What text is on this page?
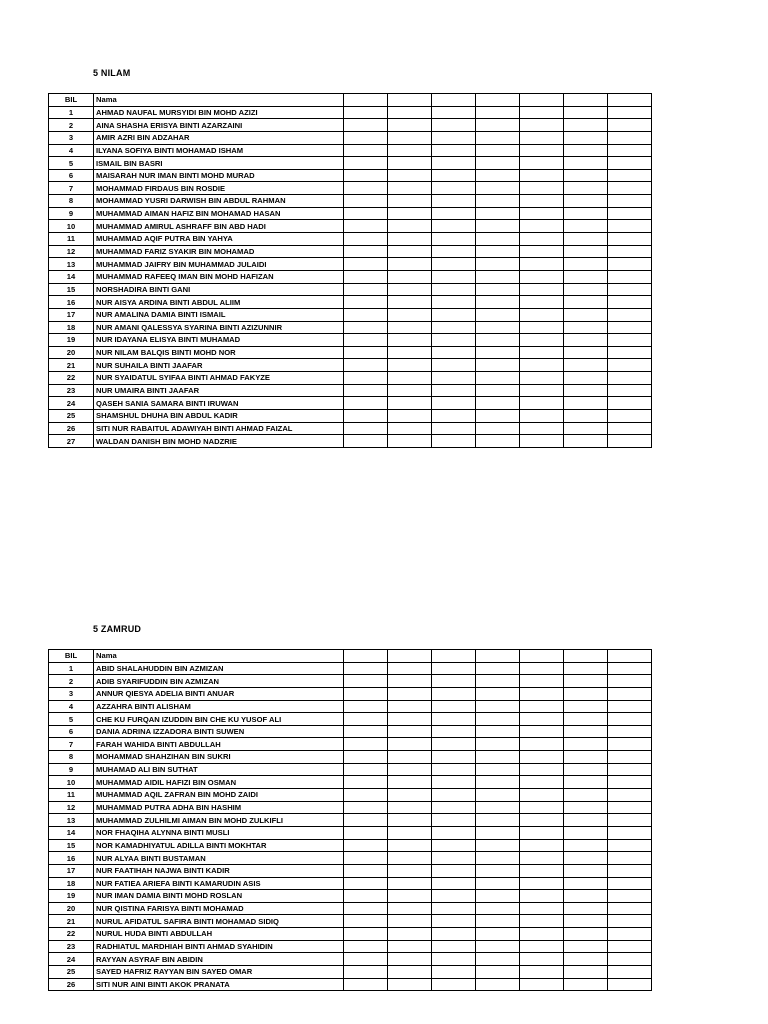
5 NILAM
BIL	Nama							
1	AHMAD NAUFAL MURSYIDI BIN MOHD AZIZI							
2	AINA SHASHA ERISYA BINTI AZARZAINI							
3	AMIR AZRI BIN ADZAHAR							
4	ILYANA SOFIYA BINTI MOHAMAD ISHAM							
5	ISMAIL BIN BASRI							
6	MAISARAH NUR IMAN BINTI MOHD MURAD							
7	MOHAMMAD FIRDAUS BIN ROSDIE							
8	MOHAMMAD YUSRI DARWISH BIN ABDUL RAHMAN							
9	MUHAMMAD AIMAN HAFIZ BIN MOHAMAD HASAN							
10	MUHAMMAD AMIRUL ASHRAFF BIN ABD HADI							
11	MUHAMMAD AQIF PUTRA BIN YAHYA							
12	MUHAMMAD FARIZ SYAKIR BIN MOHAMAD							
13	MUHAMMAD JAIFRY BIN MUHAMMAD JULAIDI							
14	MUHAMMAD RAFEEQ IMAN BIN MOHD HAFIZAN							
15	NORSHADIRA BINTI GANI							
16	NUR AISYA ARDINA BINTI ABDUL ALIIM							
17	NUR AMALINA DAMIA BINTI ISMAIL							
18	NUR AMANI QALESSYA SYARINA BINTI AZIZUNNIR							
19	NUR IDAYANA ELISYA BINTI MUHAMAD							
20	NUR NILAM BALQIS BINTI MOHD NOR							
21	NUR SUHAILA BINTI JAAFAR							
22	NUR SYAIDATUL SYIFAA BINTI AHMAD FAKYZE							
23	NUR UMAIRA BINTI JAAFAR							
24	QASEH SANIA SAMARA BINTI IRUWAN							
25	SHAMSHUL DHUHA BIN ABDUL KADIR							
26	SITI NUR RABAITUL ADAWIYAH BINTI AHMAD FAIZAL							
27	WALDAN DANISH BIN MOHD NADZRIE							
5 ZAMRUD
BIL	Nama							
1	ABID SHALAHUDDIN BIN AZMIZAN							
2	ADIB SYARIFUDDIN BIN AZMIZAN							
3	ANNUR QIESYA ADELIA BINTI ANUAR							
4	AZZAHRA BINTI ALISHAM							
5	CHE KU FURQAN IZUDDIN BIN CHE KU YUSOF ALI							
6	DANIA ADRINA IZZADORA BINTI SUWEN							
7	FARAH WAHIDA BINTI ABDULLAH							
8	MOHAMMAD SHAHZIHAN BIN SUKRI							
9	MUHAMAD ALI BIN SUTHAT							
10	MUHAMMAD AIDIL HAFIZI BIN OSMAN							
11	MUHAMMAD AQIL ZAFRAN BIN MOHD ZAIDI							
12	MUHAMMAD PUTRA ADHA BIN HASHIM							
13	MUHAMMAD ZULHILMI AIMAN BIN MOHD ZULKIFLI							
14	NOR FHAQIHA ALYNNA BINTI MUSLI							
15	NOR KAMADHIYATUL ADILLA BINTI MOKHTAR							
16	NUR ALYAA BINTI BUSTAMAN							
17	NUR FAATIHAH NAJWA BINTI KADIR							
18	NUR FATIEA ARIEFA BINTI KAMARUDIN ASIS							
19	NUR IMAN DAMIA BINTI MOHD ROSLAN							
20	NUR QISTINA FARISYA BINTI MOHAMAD							
21	NURUL AFIDATUL SAFIRA BINTI MOHAMAD SIDIQ							
22	NURUL HUDA BINTI ABDULLAH							
23	RADHIATUL MARDHIAH BINTI AHMAD SYAHIDIN							
24	RAYYAN ASYRAF BIN ABIDIN							
25	SAYED HAFRIZ RAYYAN BIN SAYED OMAR							
26	SITI NUR AINI BINTI AKOK PRANATA							
